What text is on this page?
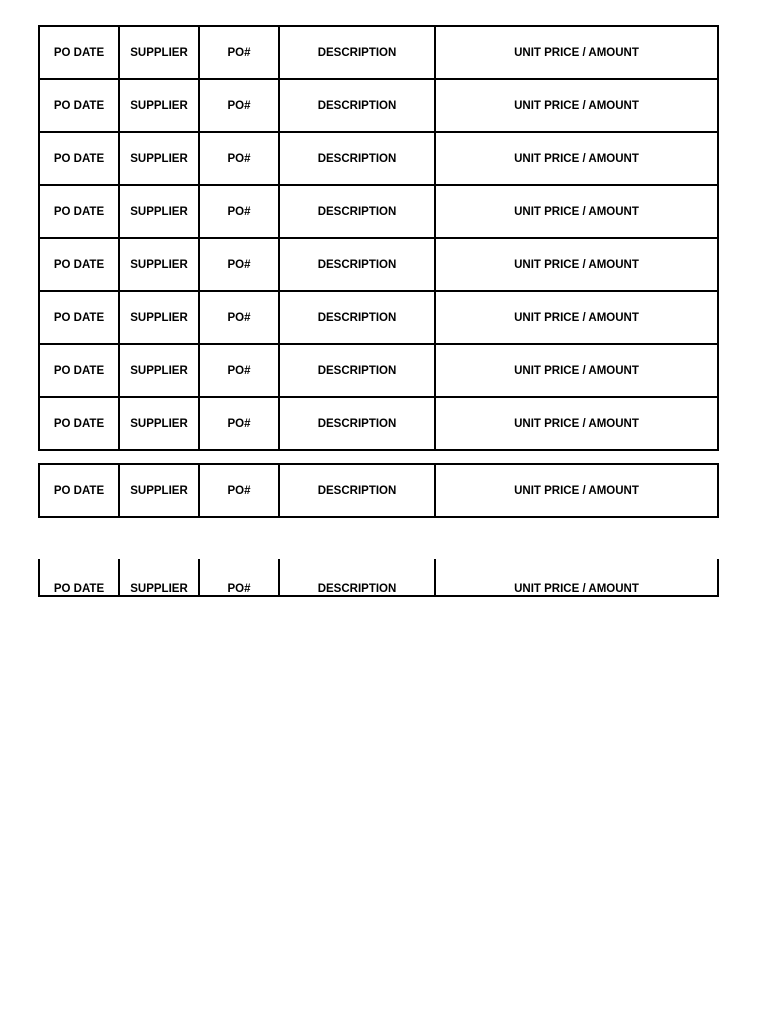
PO DATE	SUPPLIER	PO#	DESCRIPTION	UNIT PRICE / AMOUNT
PO DATE	SUPPLIER	PO#	DESCRIPTION	UNIT PRICE / AMOUNT
PO DATE	SUPPLIER	PO#	DESCRIPTION	UNIT PRICE / AMOUNT
PO DATE	SUPPLIER	PO#	DESCRIPTION	UNIT PRICE / AMOUNT
PO DATE	SUPPLIER	PO#	DESCRIPTION	UNIT PRICE / AMOUNT
PO DATE	SUPPLIER	PO#	DESCRIPTION	UNIT PRICE / AMOUNT
PO DATE	SUPPLIER	PO#	DESCRIPTION	UNIT PRICE / AMOUNT
PO DATE	SUPPLIER	PO#	DESCRIPTION	UNIT PRICE / AMOUNT
PO DATE	SUPPLIER	PO#	DESCRIPTION	UNIT PRICE / AMOUNT
PO DATE	SUPPLIER	PO#	DESCRIPTION	UNIT PRICE / AMOUNT
